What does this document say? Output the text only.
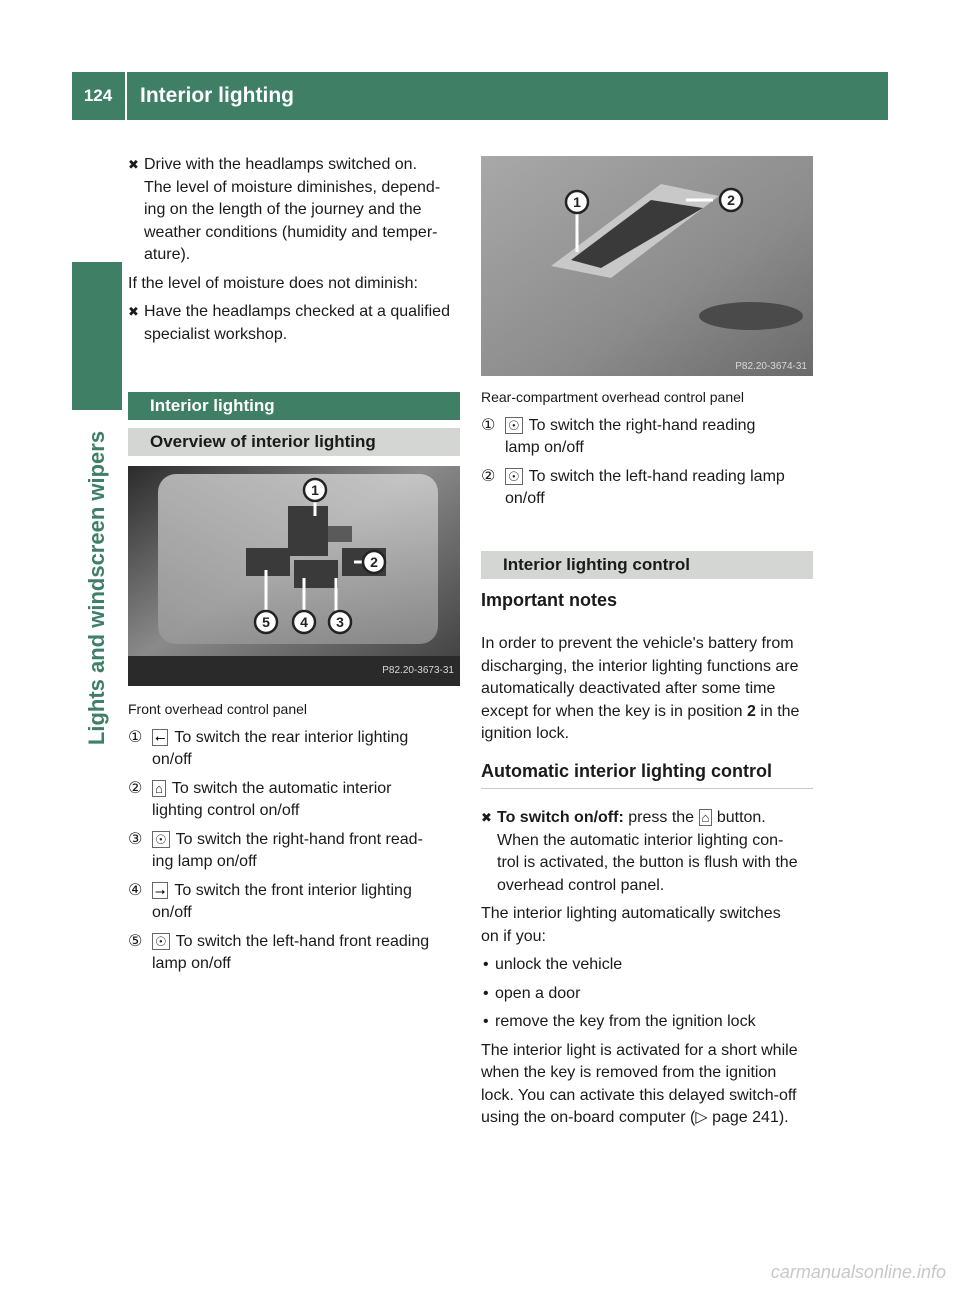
124	Interior lighting
Lights and windscreen wipers
✖ Drive with the headlamps switched on.
The level of moisture diminishes, depend-
ing on the length of the journey and the
weather conditions (humidity and temper-
ature).
If the level of moisture does not diminish:
✖ Have the headlamps checked at a qualified
specialist workshop.
Interior lighting
Overview of interior lighting
1
2
3
4
5
P82.20-3673-31
Front overhead control panel
① ⭠ To switch the rear interior lighting
on/off
② ⌂ To switch the automatic interior
lighting control on/off
③ ☉ To switch the right-hand front read-
ing lamp on/off
④ ⭢ To switch the front interior lighting
on/off
⑤ ☉ To switch the left-hand front reading
lamp on/off
1	2
P82.20-3674-31
Rear-compartment overhead control panel
① ☉ To switch the right-hand reading
lamp on/off
② ☉ To switch the left-hand reading lamp
on/off
Interior lighting control
Important notes
In order to prevent the vehicle's battery from
discharging, the interior lighting functions are
automatically deactivated after some time
except for when the key is in position 2 in the
ignition lock.
Automatic interior lighting control
✖ To switch on/off: press the ⌂ button.
When the automatic interior lighting con-
trol is activated, the button is flush with the
overhead control panel.
The interior lighting automatically switches
on if you:
• unlock the vehicle
• open a door
• remove the key from the ignition lock
The interior light is activated for a short while
when the key is removed from the ignition
lock. You can activate this delayed switch-off
using the on-board computer (▷ page 241).
carmanualsonline.info
